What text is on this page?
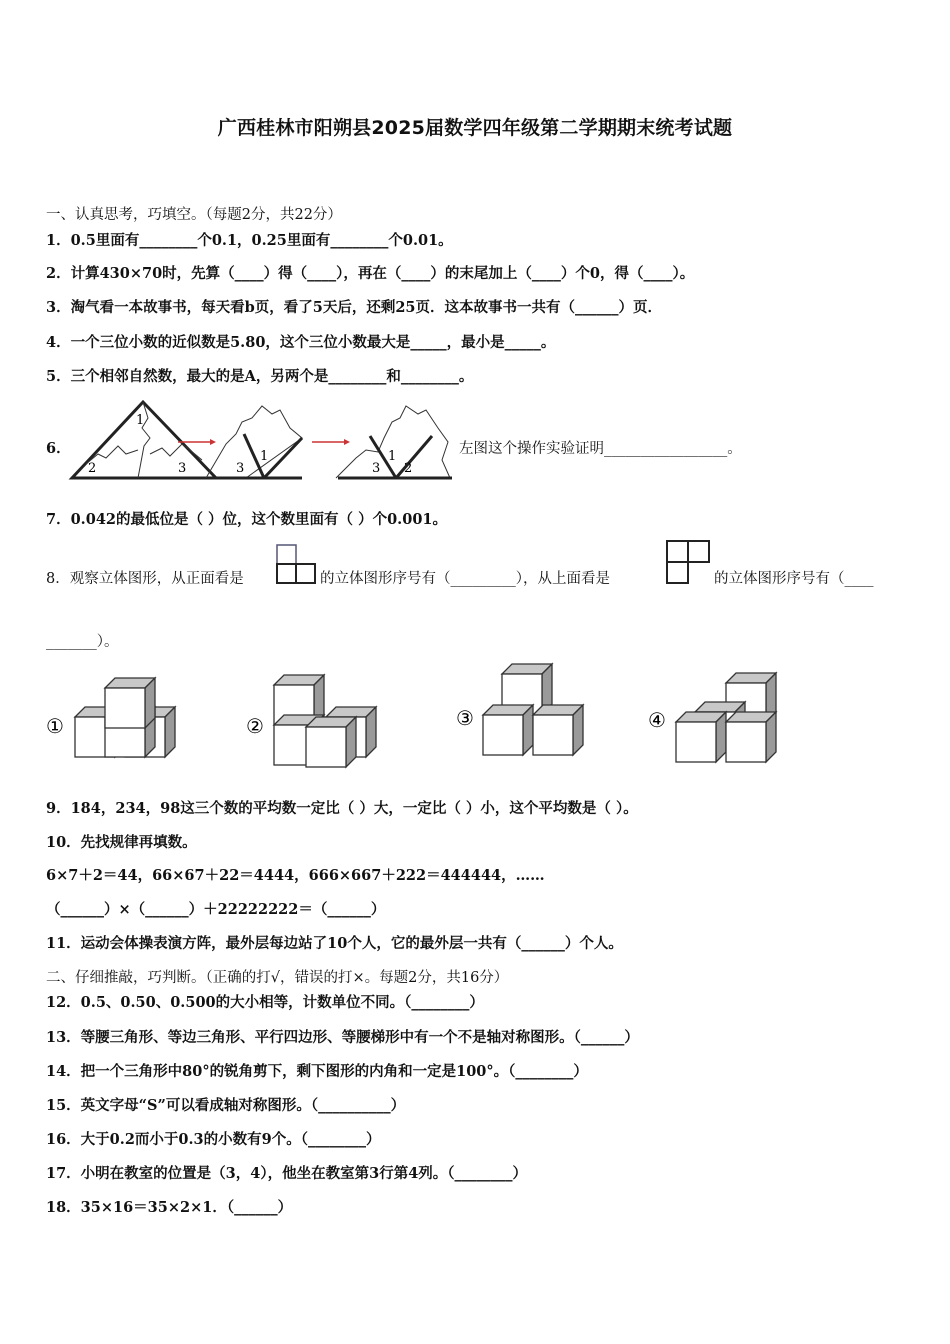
广西桂林市阳朔县2025届数学四年级第二学期期末统考试题
一、认真思考，巧填空。（每题2分，共22分）
1．0.5里面有________个0.1，0.25里面有________个0.01。
2．计算430×70时，先算（____）得（____），再在（____）的末尾加上（____）个0，得（____）。
3．淘气看一本故事书，每天看b页，看了5天后，还剩25页．这本故事书一共有（______）页．
4．一个三位小数的近似数是5.80，这个三位小数最大是_____，最小是_____。
5．三个相邻自然数，最大的是A，另两个是________和________。
6．
1
2	3	3
1
3
1
2
左图这个操作实验证明_________________。
7．0.042的最低位是（ ）位，这个数里面有（ ）个0.001。
8．观察立体图形，从正面看是	的立体图形序号有（_________），从上面看是	的立体图形序号有（____
_______）。
①	②	③	④
9．184，234，98这三个数的平均数一定比（ ）大，一定比（ ）小，这个平均数是（ ）。
10．先找规律再填数。
6×7＋2＝44，66×67＋22＝4444，666×667＋222＝444444，……
（______）×（______）＋22222222＝（______）
11．运动会体操表演方阵，最外层每边站了10个人，它的最外层一共有（______）个人。
二、仔细推敲，巧判断。（正确的打√，错误的打×。每题2分，共16分）
12．0.5、0.50、0.500的大小相等，计数单位不同。（________）
13．等腰三角形、等边三角形、平行四边形、等腰梯形中有一个不是轴对称图形。（______）
14．把一个三角形中80°的锐角剪下，剩下图形的内角和一定是100°。（________）
15．英文字母“S”可以看成轴对称图形。（__________）
16．大于0.2而小于0.3的小数有9个。（________）
17．小明在教室的位置是（3，4），他坐在教室第3行第4列。（________）
18．35×16＝35×2×1．（______）
